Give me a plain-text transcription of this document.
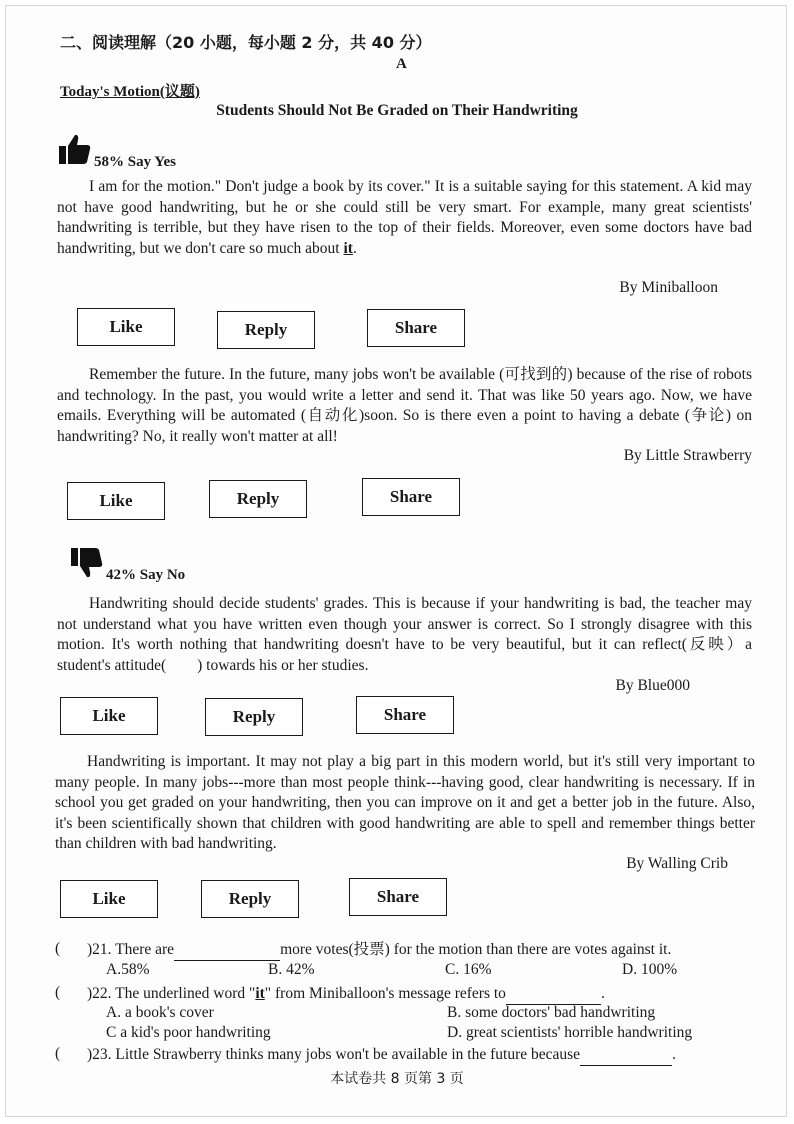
二、阅读理解（20 小题，每小题 2 分，共 40 分）
A
Today's Motion(议题)
Students Should Not Be Graded on Their Handwriting
58% Say Yes

I am for the motion." Don't judge a book by its cover." It is a suitable saying for this statement. A kid may not have good handwriting, but he or she could still be very smart. For example, many great scientists' handwriting is terrible, but they have risen to the top of their fields. Moreover, even some doctors have bad handwriting, but we don't care so much about it.

By Miniballoon
Like	Reply	Share

Remember the future. In the future, many jobs won't be available (可找到的) because of the rise of robots and technology. In the past, you would write a letter and send it. That was like 50 years ago. Now, we have emails. Everything will be automated (自动化)soon. So is there even a point to having a debate (争论) on handwriting? No, it really won't matter at all!

By Little Strawberry
Like	Reply	Share
42% Say No

Handwriting should decide students' grades. This is because if your handwriting is bad, the teacher may not understand what you have written even though your answer is correct. So I strongly disagree with this motion. It's worth nothing that handwriting doesn't have to be very beautiful, but it can reflect(反映）a student's attitude(　　) towards his or her studies.

By Blue000
Like	Reply	Share

Handwriting is important. It may not play a big part in this modern world, but it's still very important to many people. In many jobs---more than most people think---having good, clear handwriting is necessary. If in school you get graded on your handwriting, then you can improve on it and get a better job in the future. Also, it's been scientifically shown that children with good handwriting are able to spell and remember things better than children with bad handwriting.

By Walling Crib
Like	Reply	Share
( )21. There are	more votes(投票) for the motion than there are votes against it.
A.58%	B. 42%	C. 16%	D. 100%
( )22. The underlined word "it" from Miniballoon's message refers to	.
A. a book's cover	B. some doctors' bad handwriting
C a kid's poor handwriting	D. great scientists' horrible handwriting
( )23. Little Strawberry thinks many jobs won't be available in the future because	.
本试卷共 8 页第 3 页
